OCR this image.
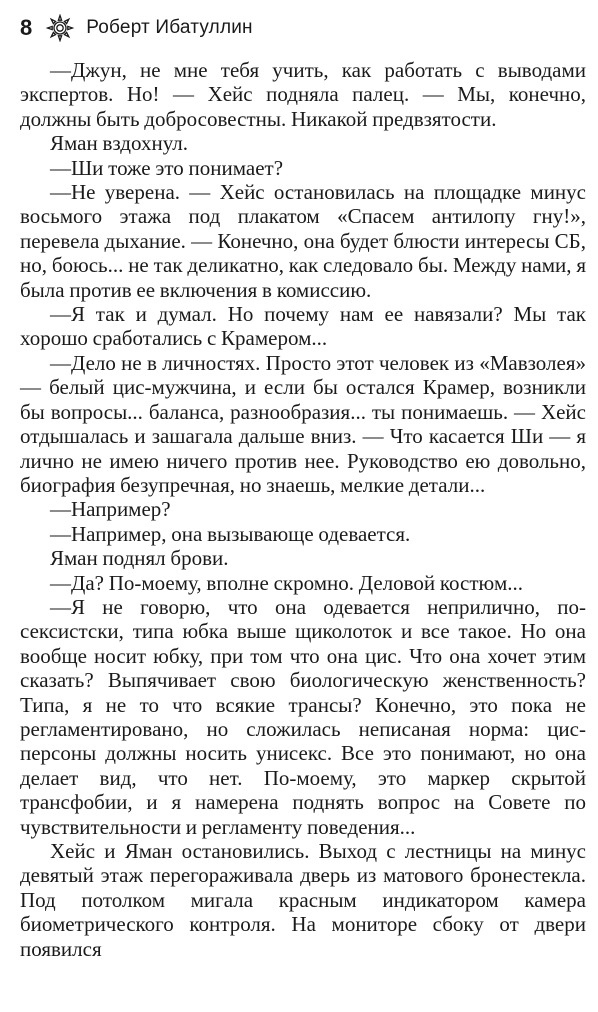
8	Роберт Ибатуллин

—Джун, не мне тебя учить, как работать с выводами экспертов. Но! — Хейс подняла палец. — Мы, конечно, должны быть добросовестны. Никакой предвзятости.

Яман вздохнул.

—Ши тоже это понимает?

—Не уверена. — Хейс остановилась на площадке минус восьмого этажа под плакатом «Спасем антилопу гну!», перевела дыхание. — Конечно, она будет блюсти интересы СБ, но, боюсь... не так деликатно, как следовало бы. Между нами, я была против ее включения в комиссию.

—Я так и думал. Но почему нам ее навязали? Мы так хорошо сработались с Крамером...

—Дело не в личностях. Просто этот человек из «Мавзолея» — белый цис-мужчина, и если бы остался Крамер, возникли бы вопросы... баланса, разнообразия... ты понимаешь. — Хейс отдышалась и зашагала дальше вниз. — Что касается Ши — я лично не имею ничего против нее. Руководство ею довольно, биография безупречная, но знаешь, мелкие детали...

—Например?

—Например, она вызывающе одевается.

Яман поднял брови.

—Да? По-моему, вполне скромно. Деловой костюм...

—Я не говорю, что она одевается неприлично, по-сексистски, типа юбка выше щиколоток и все такое. Но она вообще носит юбку, при том что она цис. Что она хочет этим сказать? Выпячивает свою биологическую женственность? Типа, я не то что всякие трансы? Конечно, это пока не регламентировано, но сложилась неписаная норма: цис-персоны должны носить унисекс. Все это понимают, но она делает вид, что нет. По-моему, это маркер скрытой трансфобии, и я намерена поднять вопрос на Совете по чувствительности и регламенту поведения...

Хейс и Яман остановились. Выход с лестницы на минус девятый этаж перегораживала дверь из матового бронестекла. Под потолком мигала красным индикатором камера биометрического контроля. На мониторе сбоку от двери появился
